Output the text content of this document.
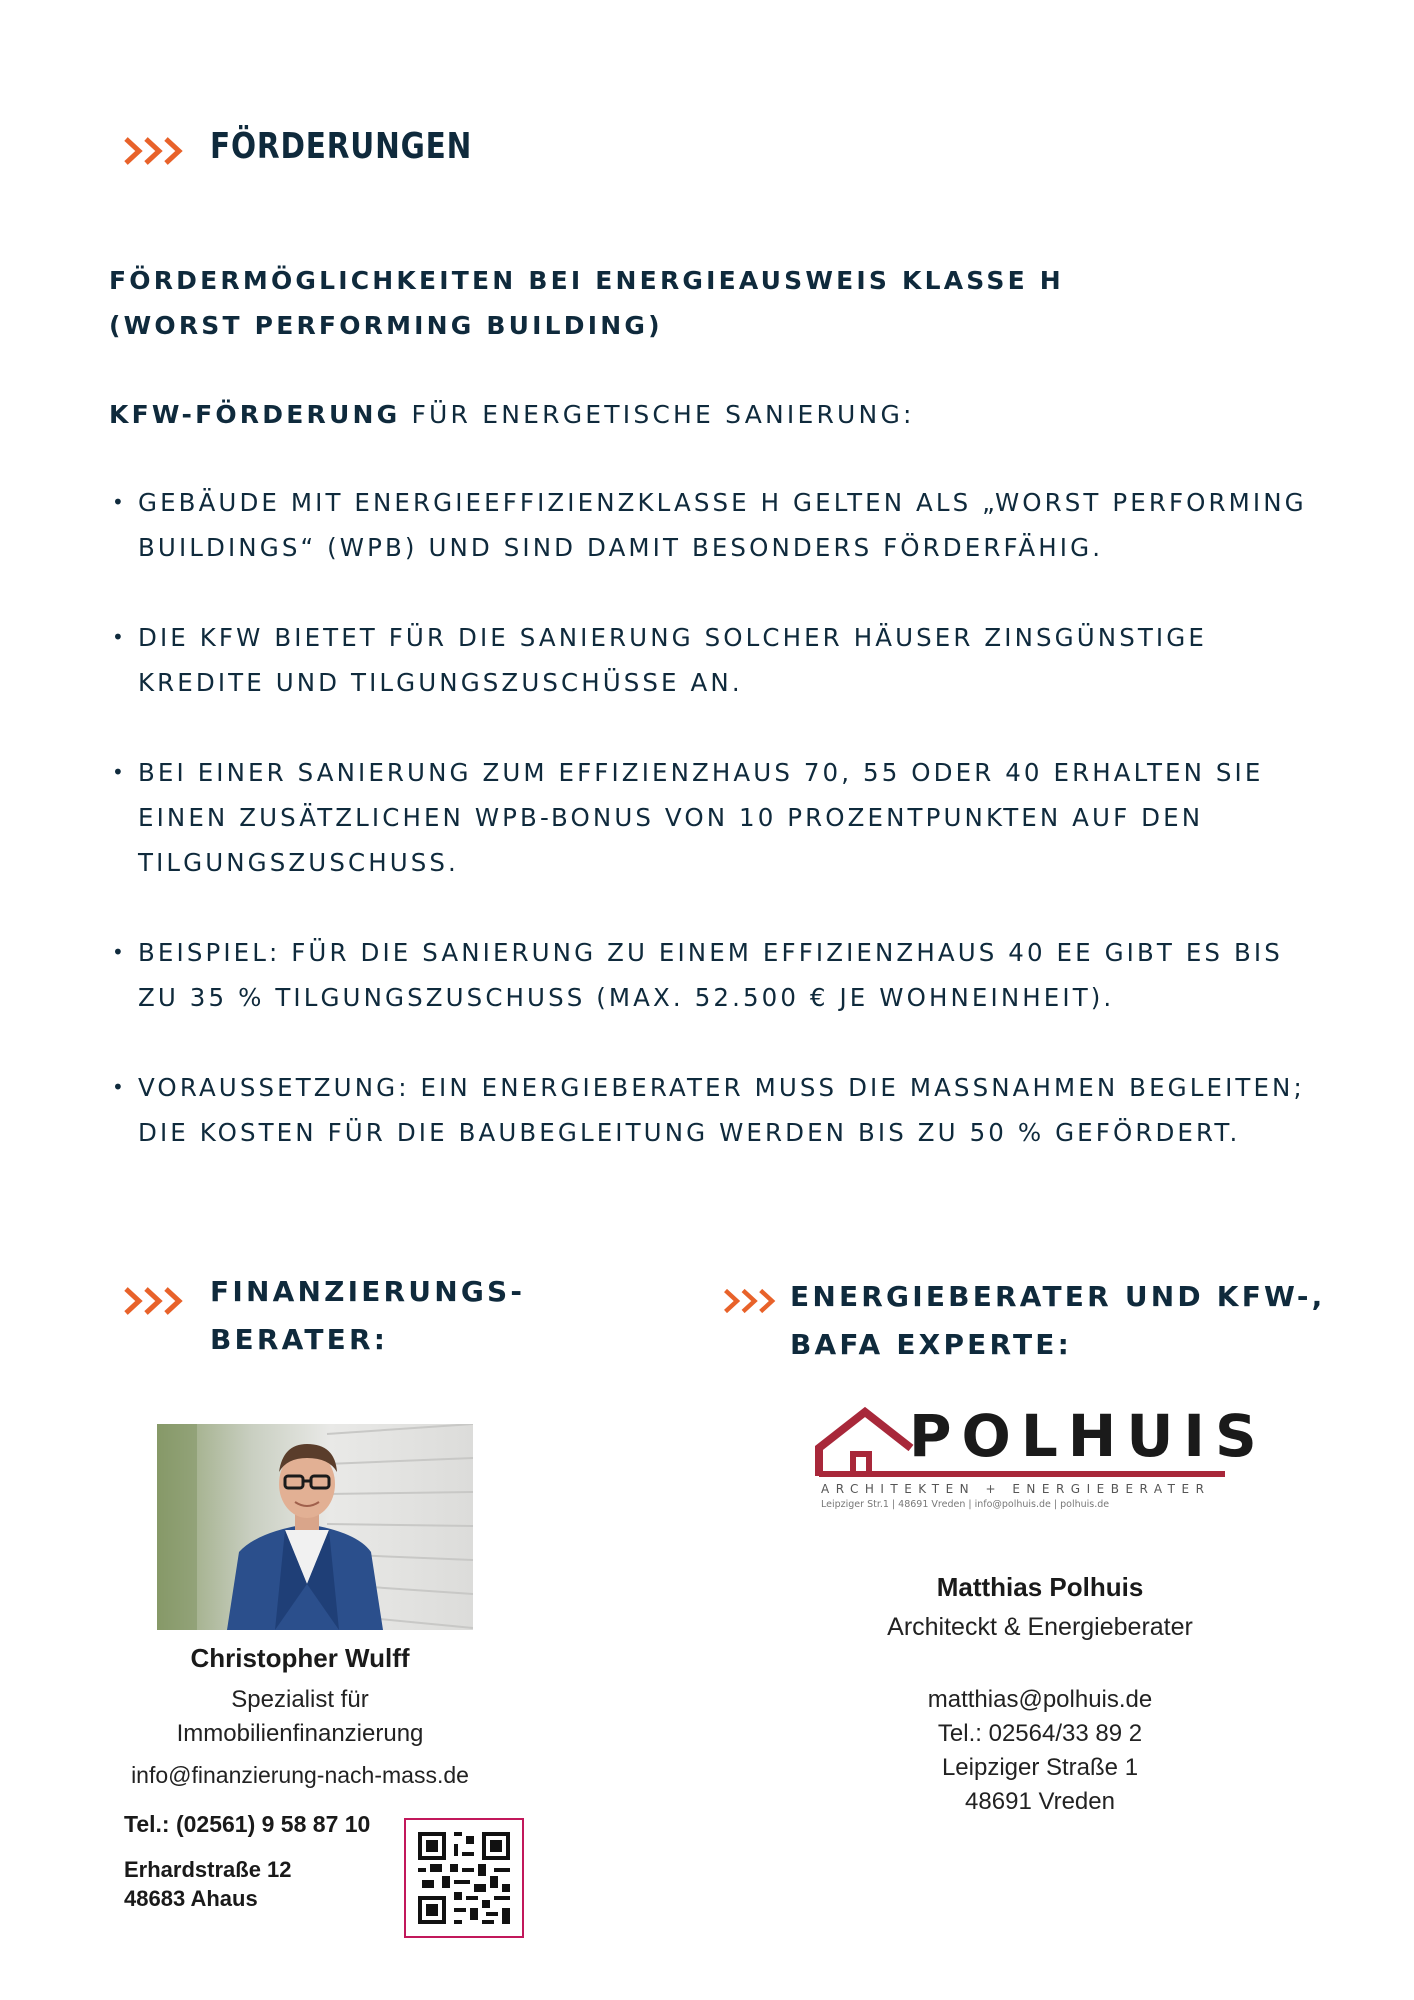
FÖRDERUNGEN
FÖRDERMÖGLICHKEITEN BEI ENERGIEAUSWEIS KLASSE H
(WORST PERFORMING BUILDING)

KFW-FÖRDERUNG FÜR ENERGETISCHE SANIERUNG:

• GEBÄUDE MIT ENERGIEEFFIZIENZKLASSE H GELTEN ALS „WORST PERFORMING BUILDINGS“ (WPB) UND SIND DAMIT BESONDERS FÖRDERFÄHIG.
• DIE KFW BIETET FÜR DIE SANIERUNG SOLCHER HÄUSER ZINSGÜNSTIGE KREDITE UND TILGUNGSZUSCHÜSSE AN.
• BEI EINER SANIERUNG ZUM EFFIZIENZHAUS 70, 55 ODER 40 ERHALTEN SIE EINEN ZUSÄTZLICHEN WPB-BONUS VON 10 PROZENTPUNKTEN AUF DEN TILGUNGSZUSCHUSS.
• BEISPIEL: FÜR DIE SANIERUNG ZU EINEM EFFIZIENZHAUS 40 EE GIBT ES BIS ZU 35 % TILGUNGSZUSCHUSS (MAX. 52.500 € JE WOHNEINHEIT).
• VORAUSSETZUNG: EIN ENERGIEBERATER MUSS DIE MASSNAHMEN BEGLEITEN; DIE KOSTEN FÜR DIE BAUBEGLEITUNG WERDEN BIS ZU 50 % GEFÖRDERT.
FINANZIERUNGS-
BERATER:
ENERGIEBERATER UND KFW-,
BAFA EXPERTE:
Christopher Wulff
Spezialist für
Immobilienfinanzierung
info@finanzierung-nach-mass.de
Tel.: (02561) 9 58 87 10
Erhardstraße 12
48683 Ahaus
POLHUIS
ARCHITEKTEN + ENERGIEBERATER
Leipziger Str.1 | 48691 Vreden | info@polhuis.de | polhuis.de
Matthias Polhuis
Architeckt & Energieberater
matthias@polhuis.de
Tel.: 02564/33 89 2
Leipziger Straße 1
48691 Vreden
